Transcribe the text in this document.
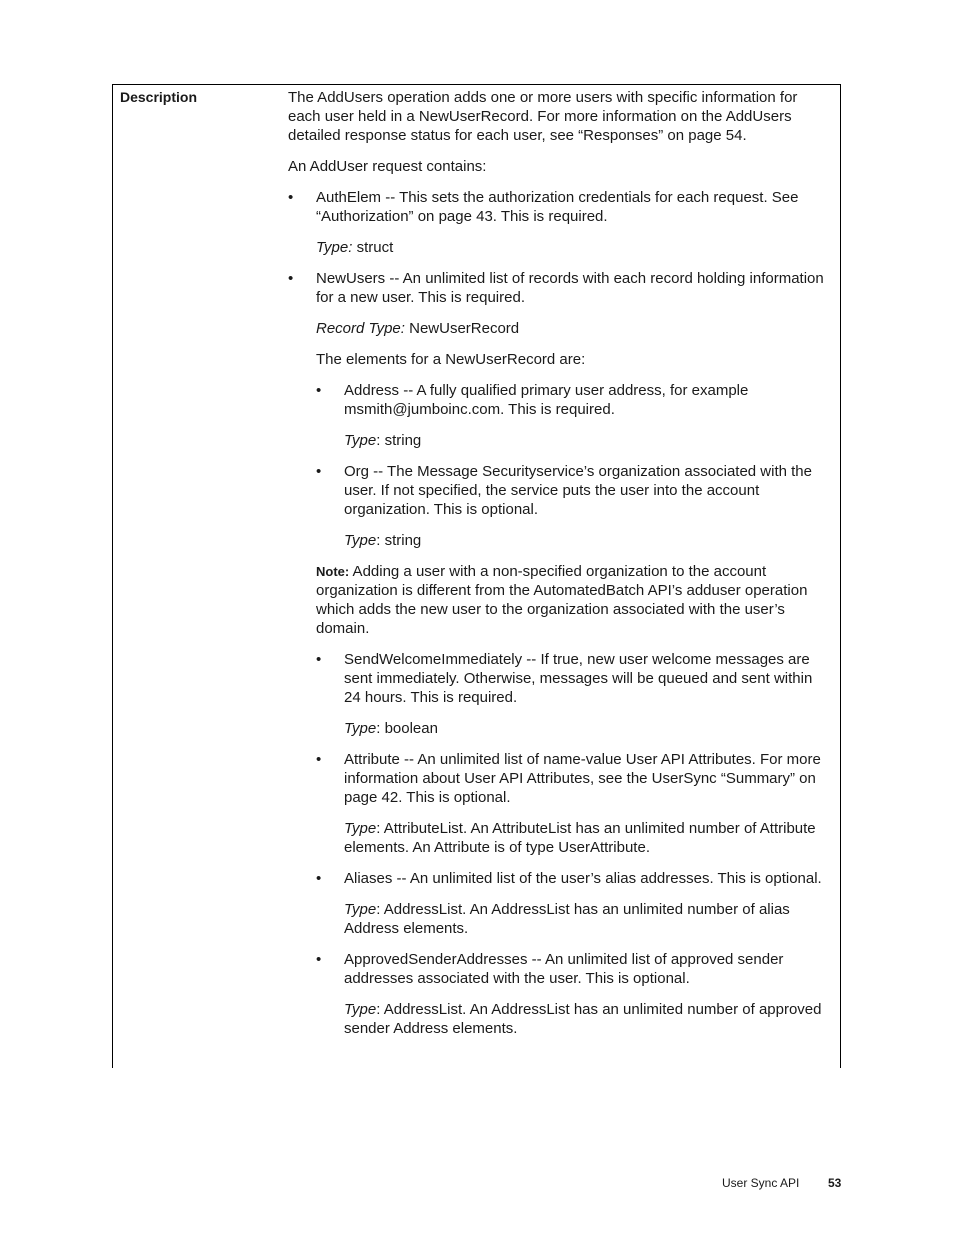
Description	The AddUsers operation adds one or more users with specific information for each user held in a NewUserRecord. For more information on the AddUsers detailed response status for each user, see “Responses” on page 54.

An AddUser request contains:

• AuthElem -- This sets the authorization credentials for each request. See “Authorization” on page 43. This is required.

Type: struct

• NewUsers -- An unlimited list of records with each record holding information for a new user. This is required.

Record Type: NewUserRecord

The elements for a NewUserRecord are:

• Address -- A fully qualified primary user address, for example msmith@jumboinc.com. This is required.

Type: string

• Org -- The Message Securityservice’s organization associated with the user. If not specified, the service puts the user into the account organization. This is optional.

Type: string

Note: Adding a user with a non-specified organization to the account organization is different from the AutomatedBatch API’s adduser operation which adds the new user to the organization associated with the user’s domain.

• SendWelcomeImmediately -- If true, new user welcome messages are sent immediately. Otherwise, messages will be queued and sent within 24 hours. This is required.

Type: boolean

• Attribute -- An unlimited list of name-value User API Attributes. For more information about User API Attributes, see the UserSync “Summary” on page 42. This is optional.

Type: AttributeList. An AttributeList has an unlimited number of Attribute elements. An Attribute is of type UserAttribute.

• Aliases -- An unlimited list of the user’s alias addresses. This is optional.

Type: AddressList. An AddressList has an unlimited number of alias Address elements.

• ApprovedSenderAddresses -- An unlimited list of approved sender addresses associated with the user. This is optional.

Type: AddressList. An AddressList has an unlimited number of approved sender Address elements.

User Sync API 53
